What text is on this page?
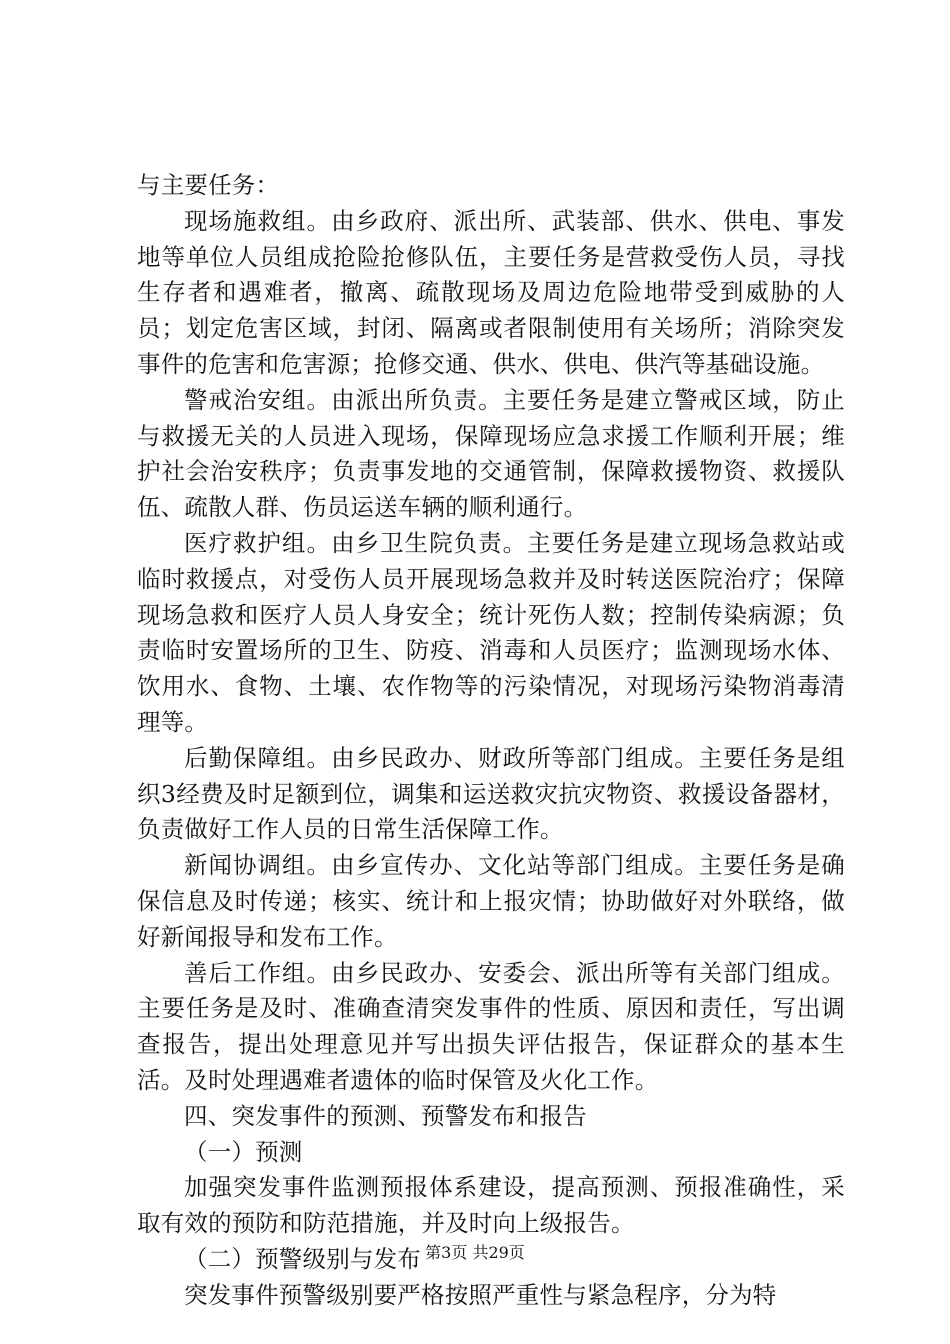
与主要任务：

现场施救组。由乡政府、派出所、武装部、供水、供电、事发地等单位人员组成抢险抢修队伍，主要任务是营救受伤人员，寻找生存者和遇难者，撤离、疏散现场及周边危险地带受到威胁的人员；划定危害区域，封闭、隔离或者限制使用有关场所；消除突发事件的危害和危害源；抢修交通、供水、供电、供汽等基础设施。

警戒治安组。由派出所负责。主要任务是建立警戒区域，防止与救援无关的人员进入现场，保障现场应急求援工作顺利开展；维护社会治安秩序；负责事发地的交通管制，保障救援物资、救援队伍、疏散人群、伤员运送车辆的顺利通行。

医疗救护组。由乡卫生院负责。主要任务是建立现场急救站或临时救援点，对受伤人员开展现场急救并及时转送医院治疗；保障现场急救和医疗人员人身安全；统计死伤人数；控制传染病源；负责临时安置场所的卫生、防疫、消毒和人员医疗；监测现场水体、饮用水、食物、土壤、农作物等的污染情况，对现场污染物消毒清理等。

后勤保障组。由乡民政办、财政所等部门组成。主要任务是组织3经费及时足额到位，调集和运送救灾抗灾物资、救援设备器材，负责做好工作人员的日常生活保障工作。

新闻协调组。由乡宣传办、文化站等部门组成。主要任务是确保信息及时传递；核实、统计和上报灾情；协助做好对外联络，做好新闻报导和发布工作。

善后工作组。由乡民政办、安委会、派出所等有关部门组成。主要任务是及时、准确查清突发事件的性质、原因和责任，写出调查报告，提出处理意见并写出损失评估报告，保证群众的基本生活。及时处理遇难者遗体的临时保管及火化工作。

四、突发事件的预测、预警发布和报告

（一）预测

加强突发事件监测预报体系建设，提高预测、预报准确性，采取有效的预防和防范措施，并及时向上级报告。

（二）预警级别与发布

突发事件预警级别要严格按照严重性与紧急程序，分为特

第3页 共29页
